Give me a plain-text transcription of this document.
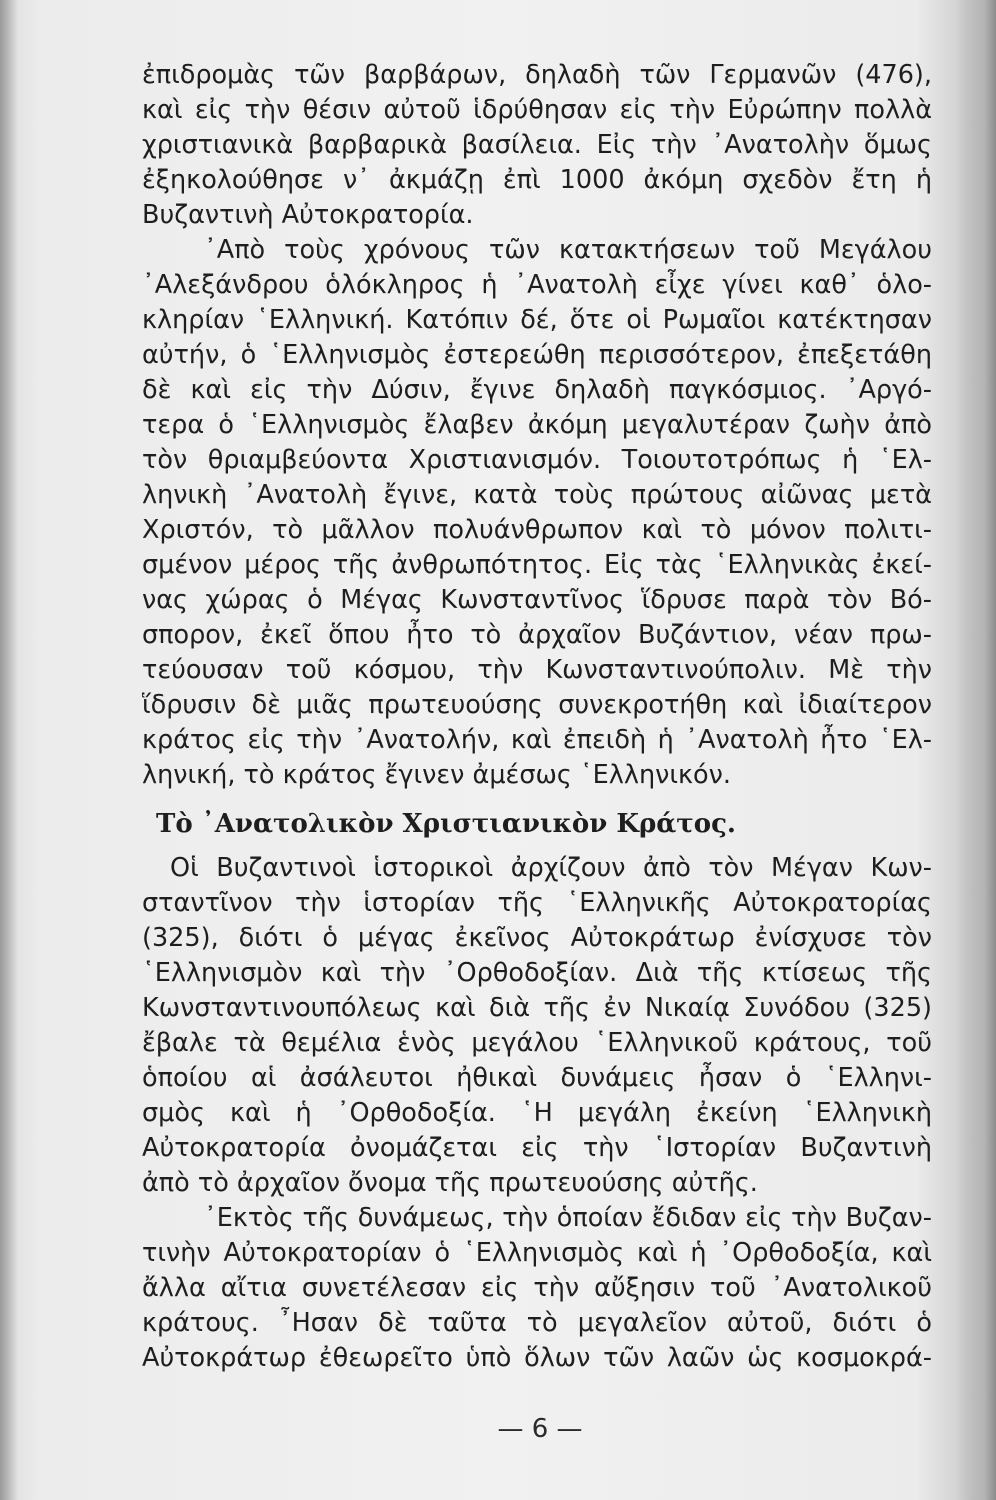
ἐπιδρομὰς τῶν βαρβάρων, δηλαδὴ τῶν Γερμανῶν (476),
καὶ εἰς τὴν θέσιν αὐτοῦ ἱδρύθησαν εἰς τὴν Εὐρώπην πολλὰ
χριστιανικὰ βαρβαρικὰ βασίλεια. Εἰς τὴν ᾿Ανατολὴν ὅμως
ἐξηκολούθησε ν᾿ ἀκμάζῃ ἐπὶ 1000 ἀκόμη σχεδὸν ἔτη ἡ
Βυζαντινὴ Αὐτοκρατορία.
᾿Απὸ τοὺς χρόνους τῶν κατακτήσεων τοῦ Μεγάλου
᾿Αλεξάνδρου ὁλόκληρος ἡ ᾿Ανατολὴ εἶχε γίνει καθ᾿ ὁλο-
κληρίαν ῾Ελληνική. Κατόπιν δέ, ὅτε οἱ Ρωμαῖοι κατέκτησαν
αὐτήν, ὁ ῾Ελληνισμὸς ἐστερεώθη περισσότερον, ἐπεξετάθη
δὲ καὶ εἰς τὴν Δύσιν, ἔγινε δηλαδὴ παγκόσμιος. ᾿Αργό-
τερα ὁ ῾Ελληνισμὸς ἔλαβεν ἀκόμη μεγαλυτέραν ζωὴν ἀπὸ
τὸν θριαμβεύοντα Χριστιανισμόν. Τοιουτοτρόπως ἡ ῾Ελ-
ληνικὴ ᾿Ανατολὴ ἔγινε, κατὰ τοὺς πρώτους αἰῶνας μετὰ
Χριστόν, τὸ μᾶλλον πολυάνθρωπον καὶ τὸ μόνον πολιτι-
σμένον μέρος τῆς ἀνθρωπότητος. Εἰς τὰς ῾Ελληνικὰς ἐκεί-
νας χώρας ὁ Μέγας Κωνσταντῖνος ἵδρυσε παρὰ τὸν Βό-
σπορον, ἐκεῖ ὅπου ἦτο τὸ ἀρχαῖον Βυζάντιον, νέαν πρω-
τεύουσαν τοῦ κόσμου, τὴν Κωνσταντινούπολιν. Μὲ τὴν
ἵδρυσιν δὲ μιᾶς πρωτευούσης συνεκροτήθη καὶ ἰδιαίτερον
κράτος εἰς τὴν ᾿Ανατολήν, καὶ ἐπειδὴ ἡ ᾿Ανατολὴ ἦτο ῾Ελ-
ληνική, τὸ κράτος ἔγινεν ἀμέσως ῾Ελληνικόν.
Τὸ ᾿Ανατολικὸν Χριστιανικὸν Κράτος.
Οἱ Βυζαντινοὶ ἱστορικοὶ ἀρχίζουν ἀπὸ τὸν Μέγαν Κων-
σταντῖνον τὴν ἱστορίαν τῆς ῾Ελληνικῆς Αὐτοκρατορίας
(325), διότι ὁ μέγας ἐκεῖνος Αὐτοκράτωρ ἐνίσχυσε τὸν
῾Ελληνισμὸν καὶ τὴν ᾿Ορθοδοξίαν. Διὰ τῆς κτίσεως τῆς
Κωνσταντινουπόλεως καὶ διὰ τῆς ἐν Νικαίᾳ Συνόδου (325)
ἔβαλε τὰ θεμέλια ἑνὸς μεγάλου ῾Ελληνικοῦ κράτους, τοῦ
ὁποίου αἱ ἀσάλευτοι ἠθικαὶ δυνάμεις ἦσαν ὁ ῾Ελληνι-
σμὸς καὶ ἡ ᾿Ορθοδοξία. ῾Η μεγάλη ἐκείνη ῾Ελληνικὴ
Αὐτοκρατορία ὀνομάζεται εἰς τὴν ῾Ιστορίαν Βυζαντινὴ
ἀπὸ τὸ ἀρχαῖον ὄνομα τῆς πρωτευούσης αὐτῆς.
᾿Εκτὸς τῆς δυνάμεως, τὴν ὁποίαν ἔδιδαν εἰς τὴν Βυζαν-
τινὴν Αὐτοκρατορίαν ὁ ῾Ελληνισμὸς καὶ ἡ ᾿Ορθοδοξία, καὶ
ἄλλα αἴτια συνετέλεσαν εἰς τὴν αὔξησιν τοῦ ᾿Ανατολικοῦ
κράτους. ῏Ησαν δὲ ταῦτα τὸ μεγαλεῖον αὐτοῦ, διότι ὁ
Αὐτοκράτωρ ἐθεωρεῖτο ὑπὸ ὅλων τῶν λαῶν ὡς κοσμοκρά-
— 6 —
